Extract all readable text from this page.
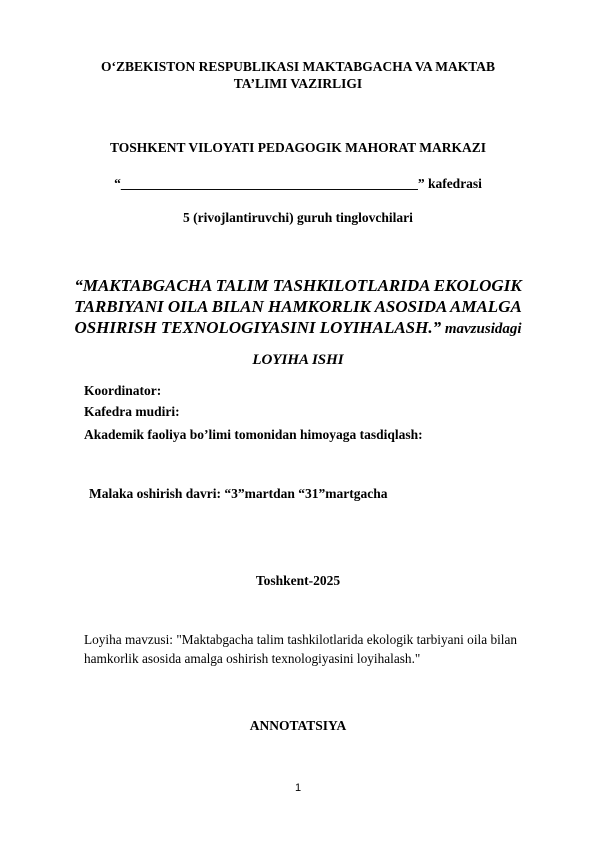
O‘ZBEKISTON RESPUBLIKASI MAKTABGACHA VA MAKTAB
TA’LIMI VAZIRLIGI
TOSHKENT VILOYATI PEDAGOGIK MAHORAT MARKAZI
“____________________________________________” kafedrasi
5 (rivojlantiruvchi) guruh tinglovchilari
“MAKTABGACHA TALIM TASHKILOTLARIDA EKOLOGIK
TARBIYANI OILA BILAN HAMKORLIK ASOSIDA AMALGA
OSHIRISH TEXNOLOGIYASINI LOYIHALASH.” mavzusidagi
LOYIHA ISHI
Koordinator:
Kafedra mudiri:
Akademik faoliya bo’limi tomonidan himoyaga tasdiqlash:
Malaka oshirish davri: “3”martdan “31”martgacha
Toshkent-2025
Loyiha mavzusi: "Maktabgacha talim tashkilotlarida ekologik tarbiyani oila bilan hamkorlik asosida amalga oshirish texnologiyasini loyihalash."
ANNOTATSIYA
1
